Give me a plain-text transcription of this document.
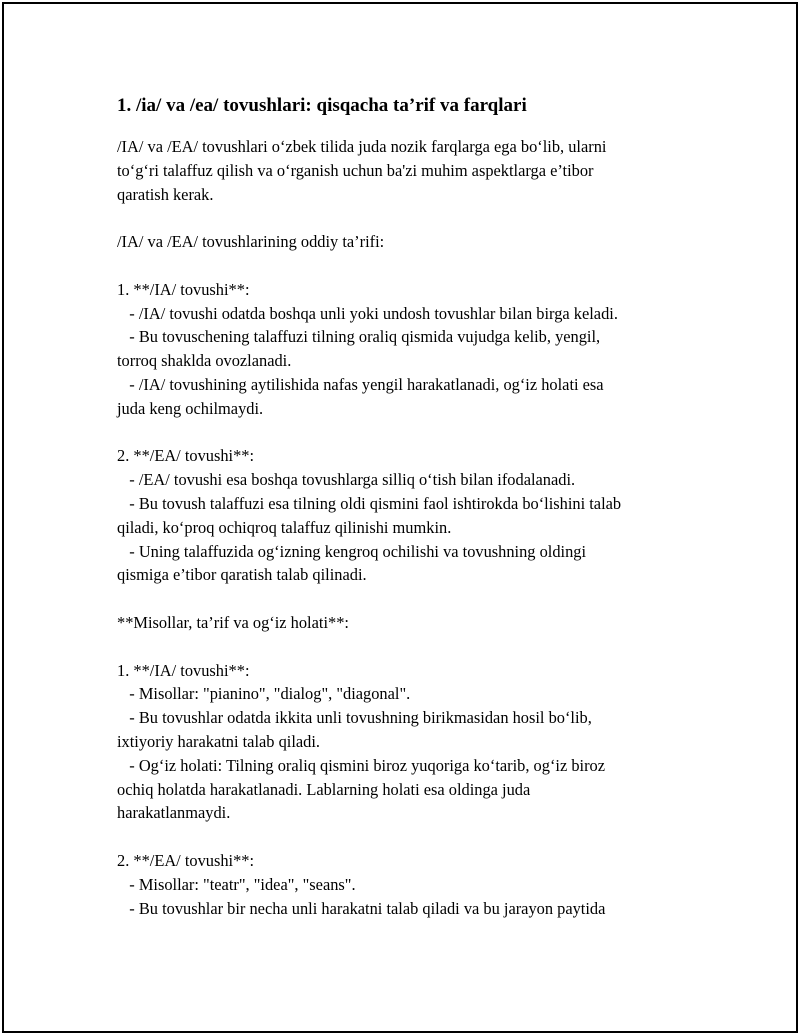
1. /ia/ va /ea/ tovushlari: qisqacha ta’rif va farqlari

/IA/ va /EA/ tovushlari o‘zbek tilida juda nozik farqlarga ega bo‘lib, ularni

to‘g‘ri talaffuz qilish va o‘rganish uchun ba'zi muhim aspektlarga e’tibor

qaratish kerak.

/IA/ va /EA/ tovushlarining oddiy ta’rifi:

1. **/IA/ tovushi**:

- /IA/ tovushi odatda boshqa unli yoki undosh tovushlar bilan birga keladi.

- Bu tovuschening talaffuzi tilning oraliq qismida vujudga kelib, yengil,

torroq shaklda ovozlanadi.

- /IA/ tovushining aytilishida nafas yengil harakatlanadi, og‘iz holati esa

juda keng ochilmaydi.

2. **/EA/ tovushi**:

- /EA/ tovushi esa boshqa tovushlarga silliq o‘tish bilan ifodalanadi.

- Bu tovush talaffuzi esa tilning oldi qismini faol ishtirokda bo‘lishini talab

qiladi, ko‘proq ochiqroq talaffuz qilinishi mumkin.

- Uning talaffuzida og‘izning kengroq ochilishi va tovushning oldingi

qismiga e’tibor qaratish talab qilinadi.

**Misollar, ta’rif va og‘iz holati**:

1. **/IA/ tovushi**:

- Misollar: "pianino", "dialog", "diagonal".

- Bu tovushlar odatda ikkita unli tovushning birikmasidan hosil bo‘lib,

ixtiyoriy harakatni talab qiladi.

- Og‘iz holati: Tilning oraliq qismini biroz yuqoriga ko‘tarib, og‘iz biroz

ochiq holatda harakatlanadi. Lablarning holati esa oldinga juda

harakatlanmaydi.

2. **/EA/ tovushi**:

- Misollar: "teatr", "idea", "seans".

- Bu tovushlar bir necha unli harakatni talab qiladi va bu jarayon paytida
